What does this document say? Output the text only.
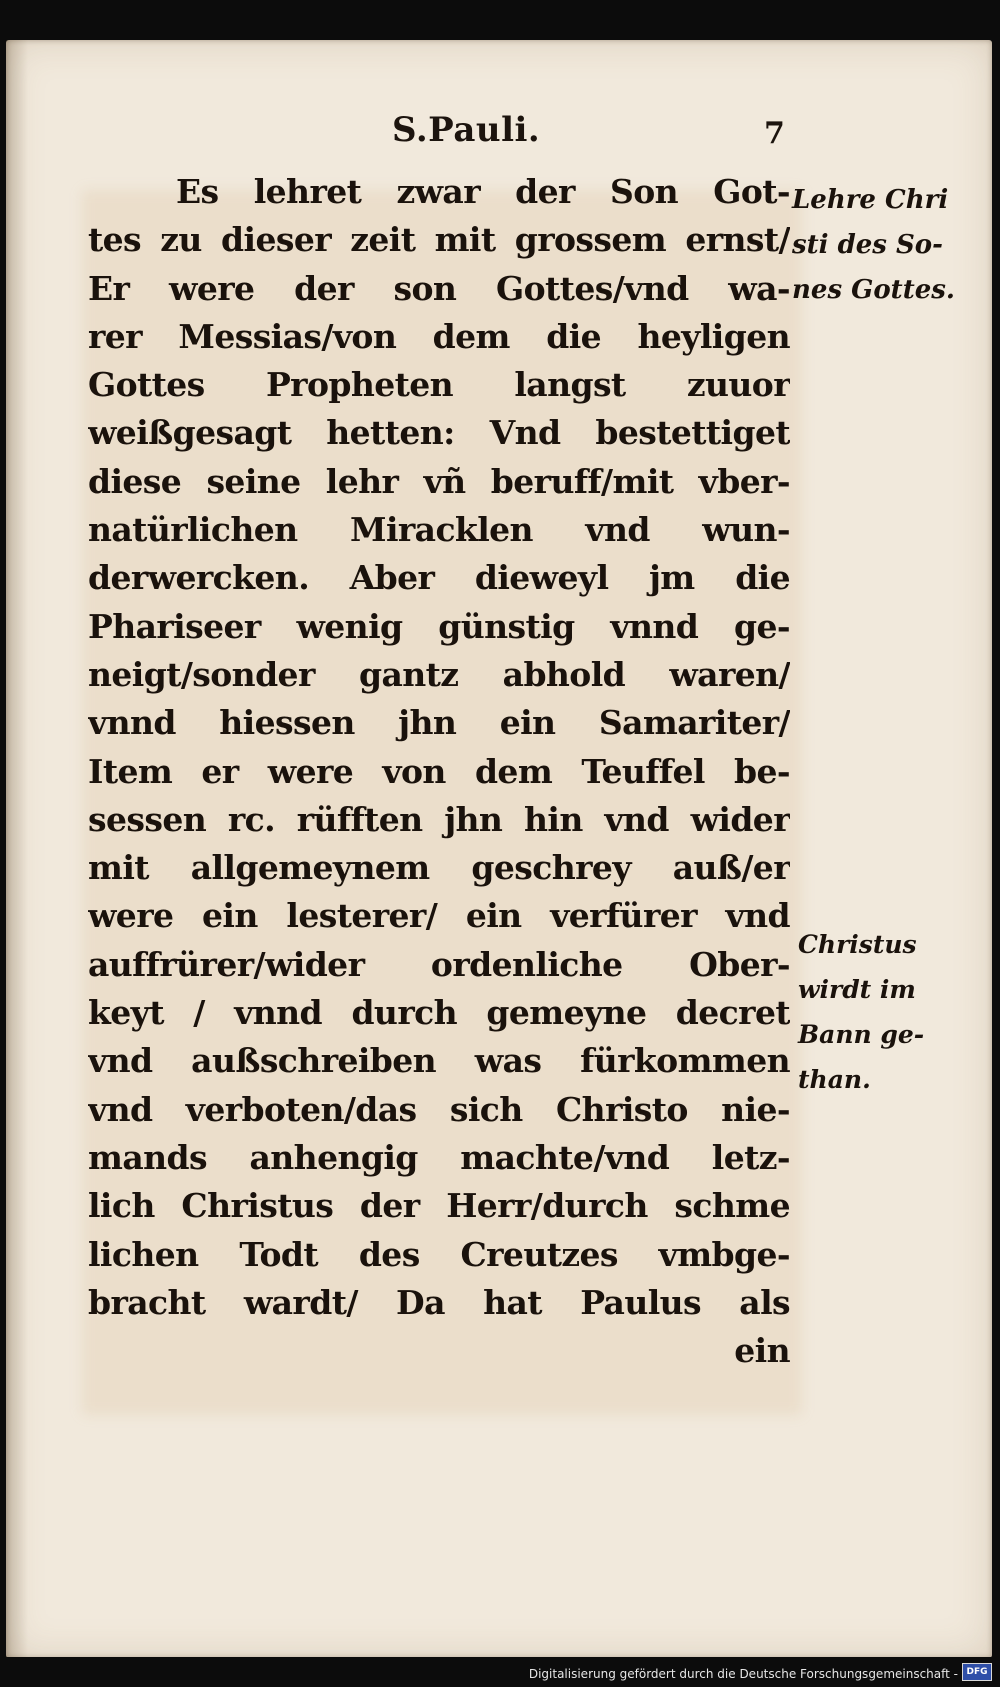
S.Pauli.	7
Es lehret zwar der Son Got-
tes zu dieser zeit mit grossem ernst/
Er were der son Gottes/vnd wa-
rer Messias/von dem die heyligen
Gottes Propheten langst zuuor
weißgesagt hetten: Vnd bestettiget
diese seine lehr vñ beruff/mit vber-
natürlichen Miracklen vnd wun-
derwercken. Aber dieweyl jm die
Phariseer wenig günstig vnnd ge-
neigt/sonder gantz abhold waren/
vnnd hiessen jhn ein Samariter/
Item er were von dem Teuffel be-
sessen rc. rüfften jhn hin vnd wider
mit allgemeynem geschrey auß/er
were ein lesterer/ ein verfürer vnd
auffrürer/wider ordenliche Ober-
keyt / vnnd durch gemeyne decret
vnd außschreiben was fürkommen
vnd verboten/das sich Christo nie-
mands anhengig machte/vnd letz-
lich Christus der Herr/durch schme
lichen Todt des Creutzes vmbge-
bracht wardt/ Da hat Paulus als
ein
Lehre Chri
sti des So-
nes Gottes.
Christus
wirdt im
Bann ge-
than.
Digitalisierung gefördert durch die Deutsche Forschungsgemeinschaft - DFG
